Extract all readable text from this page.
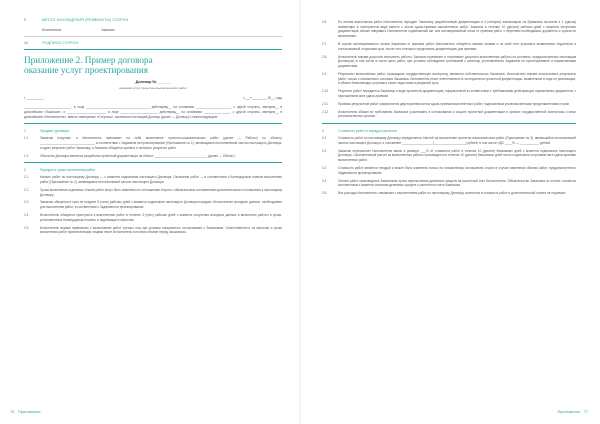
9	МЕСТО НАХОЖДЕНИЯ (РЕКВИЗИТЫ) СТОРОН

Исполнитель	Заказчик

10	ПОДПИСИ СТОРОН

Приложение 2. Пример договора
оказание услуг проектирования
Договор № ______
оказания услуг проектно-изыскательских работ
г. __________	«___» ________ 20__ года

___________________________, в лице ____________________________________, действующ__ на основании ____________________, с одной стороны, именуем__ в дальнейшем «Заказчик», и ______________________, в лице _____________________, действующ__ на основании _______________, с другой стороны, именуем__ в дальнейшем «Исполнитель», вместе именуемые «Стороны», заключили настоящий Договор (далее — Договор) о нижеследующем:

1	Предмет договора
1.1	Заказчик поручает, а Исполнитель принимает на себя выполнение проектно-изыскательских работ (далее — Работы) по объекту _______________________________, в соответствии с Заданием на проектирование (Приложение № 1), являющимся неотъемлемой частью настоящего Договора, и сдает результат работ Заказчику, а Заказчик обязуется принять и оплатить результат работ.
1.2	Объектом Договора является разработка проектной документации на объект: ______________________________ (далее — Объект).
2	Порядок и сроки исполнения работ
2.1	Начало работ по настоящему Договору — с момента подписания настоящего Договора. Окончание работ — в соответствии с Календарным планом выполнения работ (Приложение № 2), являющимся неотъемлемой частью настоящего Договора.
2.2	Сроки выполнения отдельных этапов работ могут быть изменены по соглашению сторон с обязательным составлением дополнительного соглашения к настоящему Договору.
2.3	Заказчик обязуется в срок не позднее 5 (пяти) рабочих дней с момента подписания настоящего Договора передать Исполнителю исходные данные, необходимые для выполнения работ, в соответствии с Заданием на проектирование.
2.4	Исполнитель обязуется приступить к выполнению работ в течение 3 (трех) рабочих дней с момента получения исходных данных и выполнить работы в сроки, установленные Календарным планом, и надлежащего качества.
2.5	Исполнитель вправе привлекать к выполнению работ третьих лиц при условии письменного согласования с Заказчиком. Ответственность за качество и сроки выполнения работ привлеченными лицами несет Исполнитель в полном объеме перед Заказчиком.
76 Приложения
2.6	По итогам выполнения работ Исполнитель передает Заказчику разработанную документацию в 4 (четырех) экземплярах на бумажном носителе и 1 (одном) экземпляре в электронном виде вместе с актом сдачи-приемки выполненных работ. Заказчик в течение 10 (десяти) рабочих дней с момента получения документации обязан направить Исполнителю подписанный акт или мотивированный отказ от приемки работ с перечнем необходимых доработок и сроков их выполнения.
2.7	В случае мотивированного отказа Заказчика от приемки работ Исполнитель обязуется своими силами и за свой счет устранить выявленные недостатки в согласованный сторонами срок, после чего повторно представить документацию для приемки.
2.8	Исполнитель вправе досрочно выполнить работы. Заказчик принимает и оплачивает досрочно выполненные работы на условиях, предусмотренных настоящим Договором, в том числе в части цены работ, при условии соблюдения требований к качеству, установленных Заданием на проектирование и нормативными документами.
2.9	Результаты выполненных работ, прошедшие государственную экспертизу, являются собственностью Заказчика. Исполнитель вправе использовать результаты работ только с письменного согласия Заказчика. Исполнитель несет ответственность за недостатки проектной документации, выявленные в ходе ее реализации, и обязан безвозмездно устранить такие недостатки в разумный срок.
2.10	Результат работ передается Заказчику в виде проектной документации, оформленной в соответствии с требованиями действующих нормативных документов, с приложением акта сдачи-приемки.
2.11	Приемка результатов работ оформляется двусторонним актом сдачи-приемки выполненных работ, подписанным уполномоченными представителями сторон.
2.12	Исполнитель обязан по требованию Заказчика участвовать в согласовании и защите проектной документации в органах государственной экспертизы и иных уполномоченных органах.
3	Стоимость работ и порядок расчетов
3.1	Стоимость работ по настоящему Договору определяется Сметой на выполнение проектно-изыскательских работ (Приложение № 3), являющейся неотъемлемой частью настоящего Договора, и составляет _________________ (__________________) рублей, в том числе НДС ____% — ___________ рублей.
3.2	Заказчик перечисляет Исполнителю аванс в размере ___% от стоимости работ в течение 10 (десяти) банковских дней с момента подписания настоящего Договора. Окончательный расчет за выполненные работы производится в течение 10 (десяти) банковских дней после подписания сторонами акта сдачи-приемки выполненных работ.
3.3	Стоимость работ является твердой и может быть изменена только по письменному соглашению сторон в случае изменения объема работ, предусмотренного Заданием на проектирование.
3.4	Оплата работ производится Заказчиком путем перечисления денежных средств на расчетный счет Исполнителя. Обязательство Заказчика по оплате считается исполненным с момента списания денежных средств с расчетного счета Заказчика.
3.5	Все расходы Исполнителя, связанные с выполнением работ по настоящему Договору, включены в стоимость работ и дополнительной оплате не подлежат.
Приложения 77
